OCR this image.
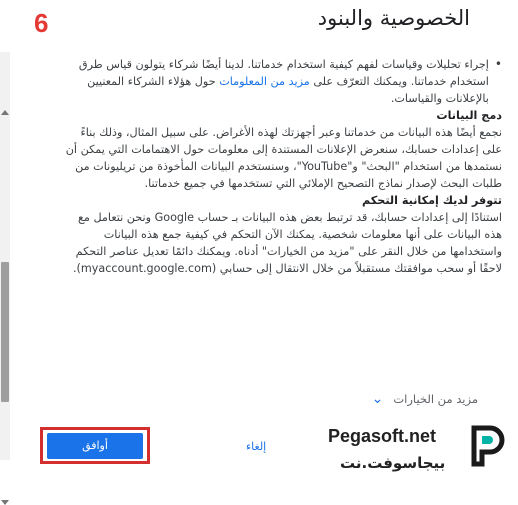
6	الخصوصية والبنود
•

إجراء تحليلات وقياسات لفهم كيفية استخدام خدماتنا. لدينا أيضًا شركاء يتولون قياس طرق استخدام خدماتنا. ويمكنك التعرّف على مزيد من المعلومات حول هؤلاء الشركاء المعنيين بالإعلانات والقياسات.

دمج البيانات

نجمع أيضًا هذه البيانات من خدماتنا وعبر أجهزتك لهذه الأغراض. على سبيل المثال، وذلك بناءً على إعدادات حسابك، سنعرض الإعلانات المستندة إلى معلومات حول الاهتمامات التي يمكن أن نستمدها من استخدام "البحث" و"YouTube"، وسنستخدم البيانات المأخوذة من تريليونات من طلبات البحث لإصدار نماذج التصحيح الإملائي التي تستخدمها في جميع خدماتنا.

تتوفر لديك إمكانية التحكم

استنادًا إلى إعدادات حسابك، قد ترتبط بعض هذه البيانات بـ حساب Google ونحن نتعامل مع هذه البيانات على أنها معلومات شخصية. يمكنك الآن التحكم في كيفية جمع هذه البيانات واستخدامها من خلال النقر على "مزيد من الخيارات" أدناه. ويمكنك دائمًا تعديل عناصر التحكم لاحقًا أو سحب موافقتك مستقبلاً من خلال الانتقال إلى حسابي (myaccount.google.com).

مزيد من الخيارات
⌄
أوافق	إلغاء
Pegasoft.net
بيجاسوفت.نت
